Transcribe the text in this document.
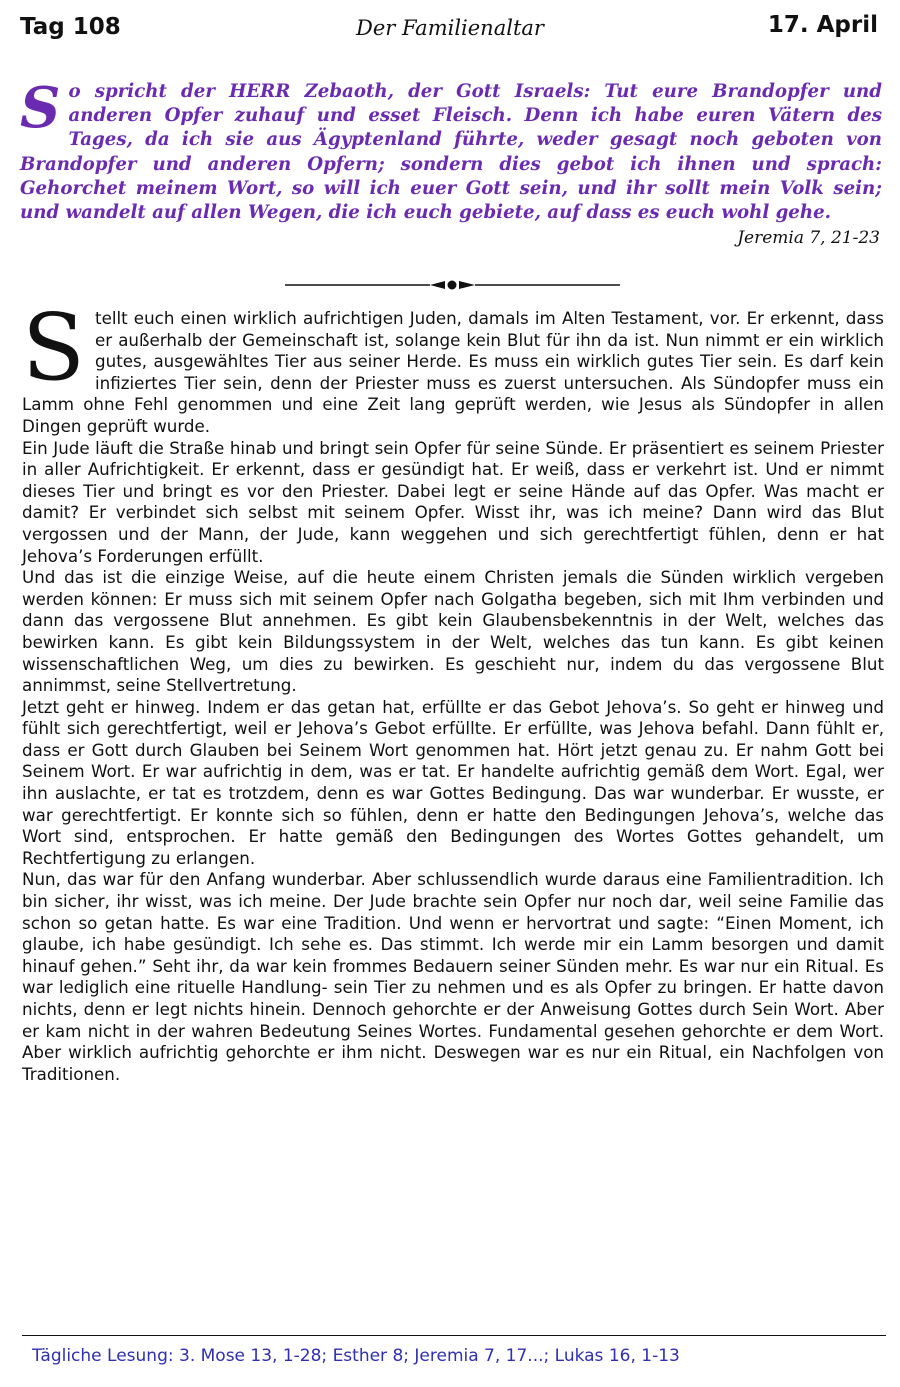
Tag 108	Der Familienaltar	17. April
So spricht der HERR Zebaoth, der Gott Israels: Tut eure Brandopfer und anderen Opfer zuhauf und esset Fleisch. Denn ich habe euren Vätern des Tages, da ich sie aus Ägyptenland führte, weder gesagt noch geboten von Brandopfer und anderen Opfern; sondern dies gebot ich ihnen und sprach: Gehorchet meinem Wort, so will ich euer Gott sein, und ihr sollt mein Volk sein; und wandelt auf allen Wegen, die ich euch gebiete, auf dass es euch wohl gehe.
Jeremia 7, 21-23

Stellt euch einen wirklich aufrichtigen Juden, damals im Alten Testament, vor. Er erkennt, dass er außerhalb der Gemeinschaft ist, solange kein Blut für ihn da ist. Nun nimmt er ein wirklich gutes, ausgewähltes Tier aus seiner Herde. Es muss ein wirklich gutes Tier sein. Es darf kein infiziertes Tier sein, denn der Priester muss es zuerst untersuchen. Als Sündopfer muss ein Lamm ohne Fehl genommen und eine Zeit lang geprüft werden, wie Jesus als Sündopfer in allen Dingen geprüft wurde.

Ein Jude läuft die Straße hinab und bringt sein Opfer für seine Sünde. Er präsentiert es seinem Priester in aller Aufrichtigkeit. Er erkennt, dass er gesündigt hat. Er weiß, dass er verkehrt ist. Und er nimmt dieses Tier und bringt es vor den Priester. Dabei legt er seine Hände auf das Opfer. Was macht er damit? Er verbindet sich selbst mit seinem Opfer. Wisst ihr, was ich meine? Dann wird das Blut vergossen und der Mann, der Jude, kann weggehen und sich gerechtfertigt fühlen, denn er hat Jehova’s Forderungen erfüllt.

Und das ist die einzige Weise, auf die heute einem Christen jemals die Sünden wirklich vergeben werden können: Er muss sich mit seinem Opfer nach Golgatha begeben, sich mit Ihm verbinden und dann das vergossene Blut annehmen. Es gibt kein Glaubensbekenntnis in der Welt, welches das bewirken kann. Es gibt kein Bildungssystem in der Welt, welches das tun kann. Es gibt keinen wissenschaftlichen Weg, um dies zu bewirken. Es geschieht nur, indem du das vergossene Blut annimmst, seine Stellvertretung.

Jetzt geht er hinweg. Indem er das getan hat, erfüllte er das Gebot Jehova’s. So geht er hinweg und fühlt sich gerechtfertigt, weil er Jehova’s Gebot erfüllte. Er erfüllte, was Jehova befahl. Dann fühlt er, dass er Gott durch Glauben bei Seinem Wort genommen hat. Hört jetzt genau zu. Er nahm Gott bei Seinem Wort. Er war aufrichtig in dem, was er tat. Er handelte aufrichtig gemäß dem Wort. Egal, wer ihn auslachte, er tat es trotzdem, denn es war Gottes Bedingung. Das war wunderbar. Er wusste, er war gerechtfertigt. Er konnte sich so fühlen, denn er hatte den Bedingungen Jehova’s, welche das Wort sind, entsprochen. Er hatte gemäß den Bedingungen des Wortes Gottes gehandelt, um Rechtfertigung zu erlangen.

Nun, das war für den Anfang wunderbar. Aber schlussendlich wurde daraus eine Familientradition. Ich bin sicher, ihr wisst, was ich meine. Der Jude brachte sein Opfer nur noch dar, weil seine Familie das schon so getan hatte. Es war eine Tradition. Und wenn er hervortrat und sagte: “Einen Moment, ich glaube, ich habe gesündigt. Ich sehe es. Das stimmt. Ich werde mir ein Lamm besorgen und damit hinauf gehen.” Seht ihr, da war kein frommes Bedauern seiner Sünden mehr. Es war nur ein Ritual. Es war lediglich eine rituelle Handlung- sein Tier zu nehmen und es als Opfer zu bringen. Er hatte davon nichts, denn er legt nichts hinein. Dennoch gehorchte er der Anweisung Gottes durch Sein Wort. Aber er kam nicht in der wahren Bedeutung Seines Wortes. Fundamental gesehen gehorchte er dem Wort. Aber wirklich aufrichtig gehorchte er ihm nicht. Deswegen war es nur ein Ritual, ein Nachfolgen von Traditionen.

Tägliche Lesung: 3. Mose 13, 1-28; Esther 8; Jeremia 7, 17...; Lukas 16, 1-13
